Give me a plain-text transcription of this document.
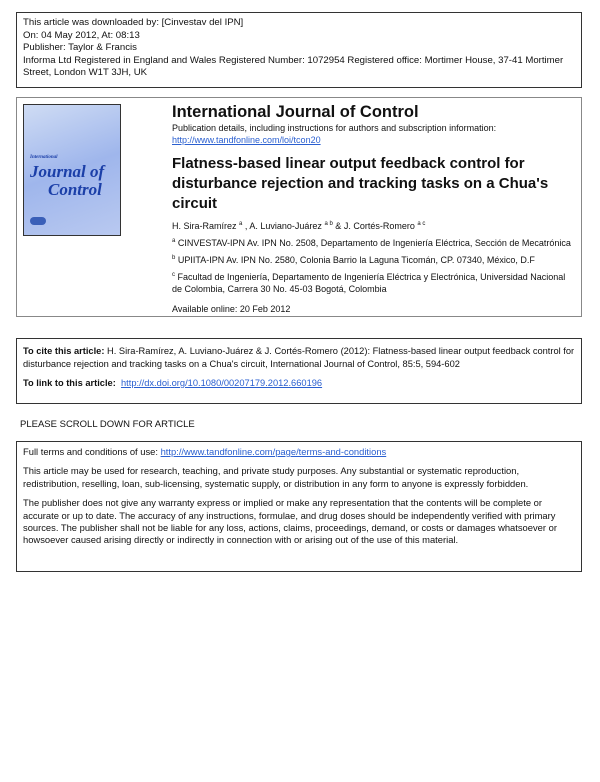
This article was downloaded by: [Cinvestav del IPN]
On: 04 May 2012, At: 08:13
Publisher: Taylor & Francis
Informa Ltd Registered in England and Wales Registered Number: 1072954 Registered office: Mortimer House, 37-41 Mortimer Street, London W1T 3JH, UK
International
Journal of
Control
International Journal of Control
Publication details, including instructions for authors and subscription information:
http://www.tandfonline.com/loi/tcon20
Flatness-based linear output feedback control for disturbance rejection and tracking tasks on a Chua's circuit
H. Sira-Ramírez $^a$ , A. Luviano-Juárez $^{a b}$ & J. Cortés-Romero $^{a c}$
$^a$ CINVESTAV-IPN Av. IPN No. 2508, Departamento de Ingeniería Eléctrica, Sección de Mecatrónica
$^b$ UPIITA-IPN Av. IPN No. 2580, Colonia Barrio la Laguna Ticomán, CP. 07340, México, D.F
$^c$ Facultad de Ingeniería, Departamento de Ingeniería Eléctrica y Electrónica, Universidad Nacional de Colombia, Carrera 30 No. 45-03 Bogotá, Colombia
Available online: 20 Feb 2012

To cite this article: H. Sira-Ramírez, A. Luviano-Juárez & J. Cortés-Romero (2012): Flatness-based linear output feedback control for disturbance rejection and tracking tasks on a Chua's circuit, International Journal of Control, 85:5, 594-602

To link to this article: http://dx.doi.org/10.1080/00207179.2012.660196

PLEASE SCROLL DOWN FOR ARTICLE

Full terms and conditions of use: http://www.tandfonline.com/page/terms-and-conditions

This article may be used for research, teaching, and private study purposes. Any substantial or systematic reproduction, redistribution, reselling, loan, sub-licensing, systematic supply, or distribution in any form to anyone is expressly forbidden.

The publisher does not give any warranty express or implied or make any representation that the contents will be complete or accurate or up to date. The accuracy of any instructions, formulae, and drug doses should be independently verified with primary sources. The publisher shall not be liable for any loss, actions, claims, proceedings, demand, or costs or damages whatsoever or howsoever caused arising directly or indirectly in connection with or arising out of the use of this material.
